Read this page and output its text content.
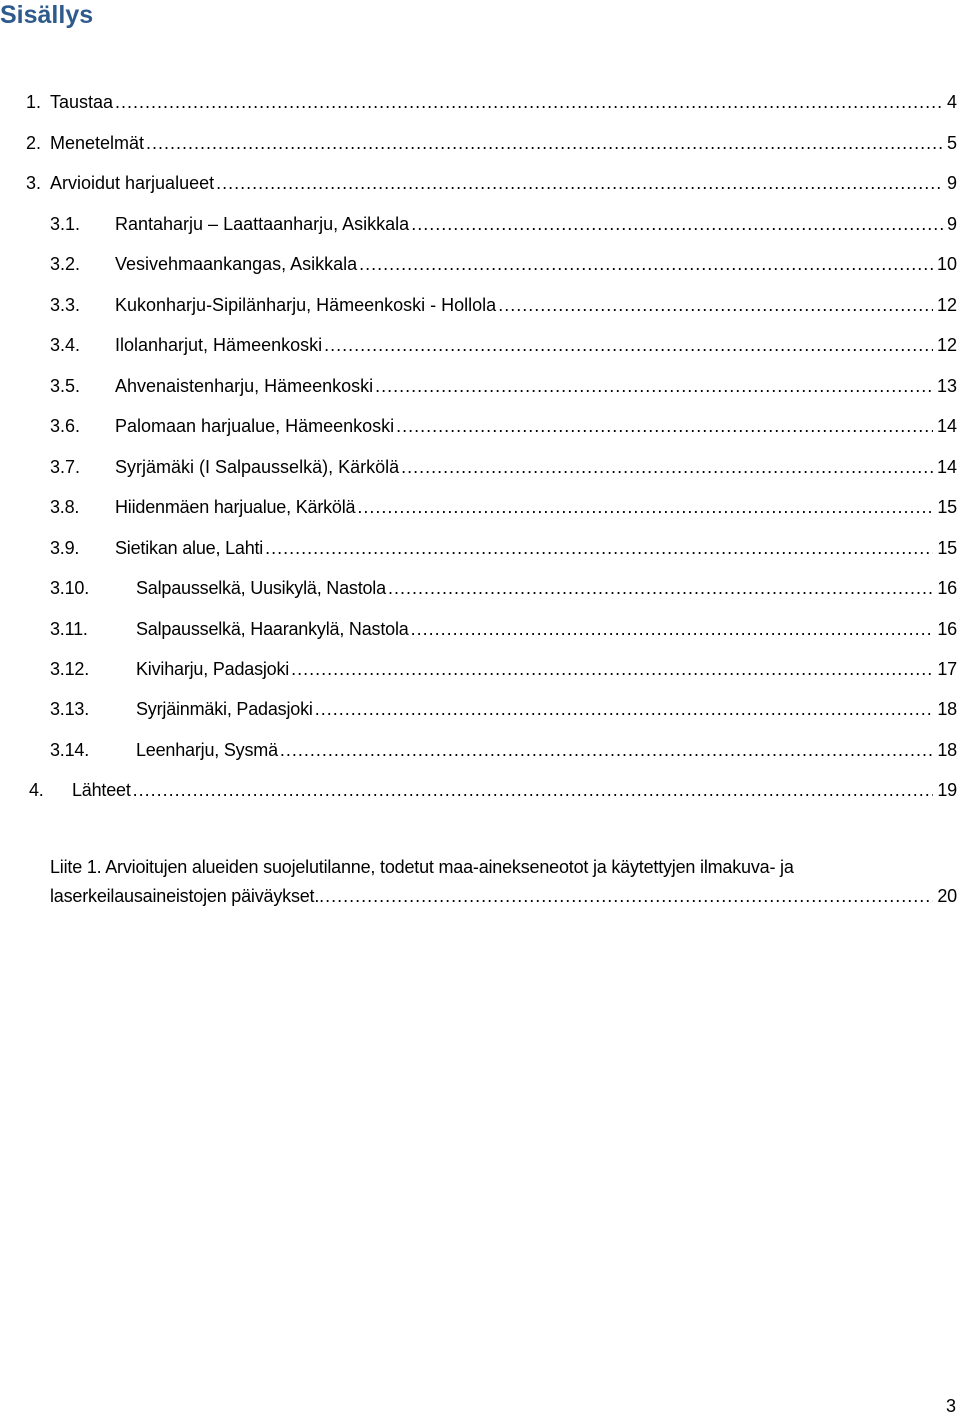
Sisällys
1. Taustaa .....	4
2. Menetelmät .....	5
3. Arvioidut harjualueet .....	9
3.1.	Rantaharju – Laattaanharju, Asikkala .....	9
3.2.	Vesivehmaankangas, Asikkala .....	10
3.3.	Kukonharju-Sipilänharju, Hämeenkoski - Hollola .....	12
3.4.	Ilolanharjut, Hämeenkoski .....	12
3.5.	Ahvenaistenharju, Hämeenkoski .....	13
3.6.	Palomaan harjualue, Hämeenkoski .....	14
3.7.	Syrjämäki (I Salpausselkä), Kärkölä .....	14
3.8.	Hiidenmäen harjualue, Kärkölä .....	15
3.9.	Sietikan alue, Lahti .....	15
3.10.	Salpausselkä, Uusikylä, Nastola .....	16
3.11.	Salpausselkä, Haarankylä, Nastola .....	16
3.12.	Kiviharju, Padasjoki .....	17
3.13.	Syrjäinmäki, Padasjoki .....	18
3.14.	Leenharju, Sysmä .....	18
4.	Lähteet .....	19
Liite 1. Arvioitujen alueiden suojelutilanne, todetut maa-ainekseneotot ja käytettyjen ilmakuva- ja
laserkeilausaineistojen päiväykset. .....	20
3
